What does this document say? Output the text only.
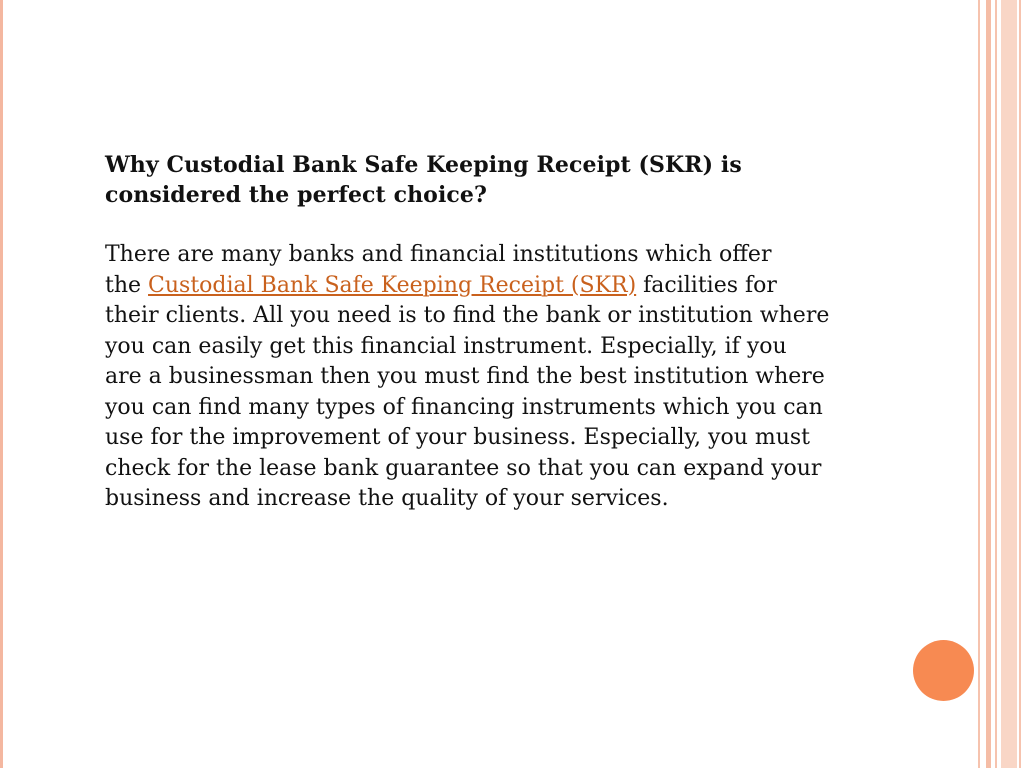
Why Custodial Bank Safe Keeping Receipt (SKR) is
considered the perfect choice?
There are many banks and financial institutions which offer
the Custodial Bank Safe Keeping Receipt (SKR) facilities for
their clients. All you need is to find the bank or institution where
you can easily get this financial instrument. Especially, if you
are a businessman then you must find the best institution where
you can find many types of financing instruments which you can
use for the improvement of your business. Especially, you must
check for the lease bank guarantee so that you can expand your
business and increase the quality of your services.
